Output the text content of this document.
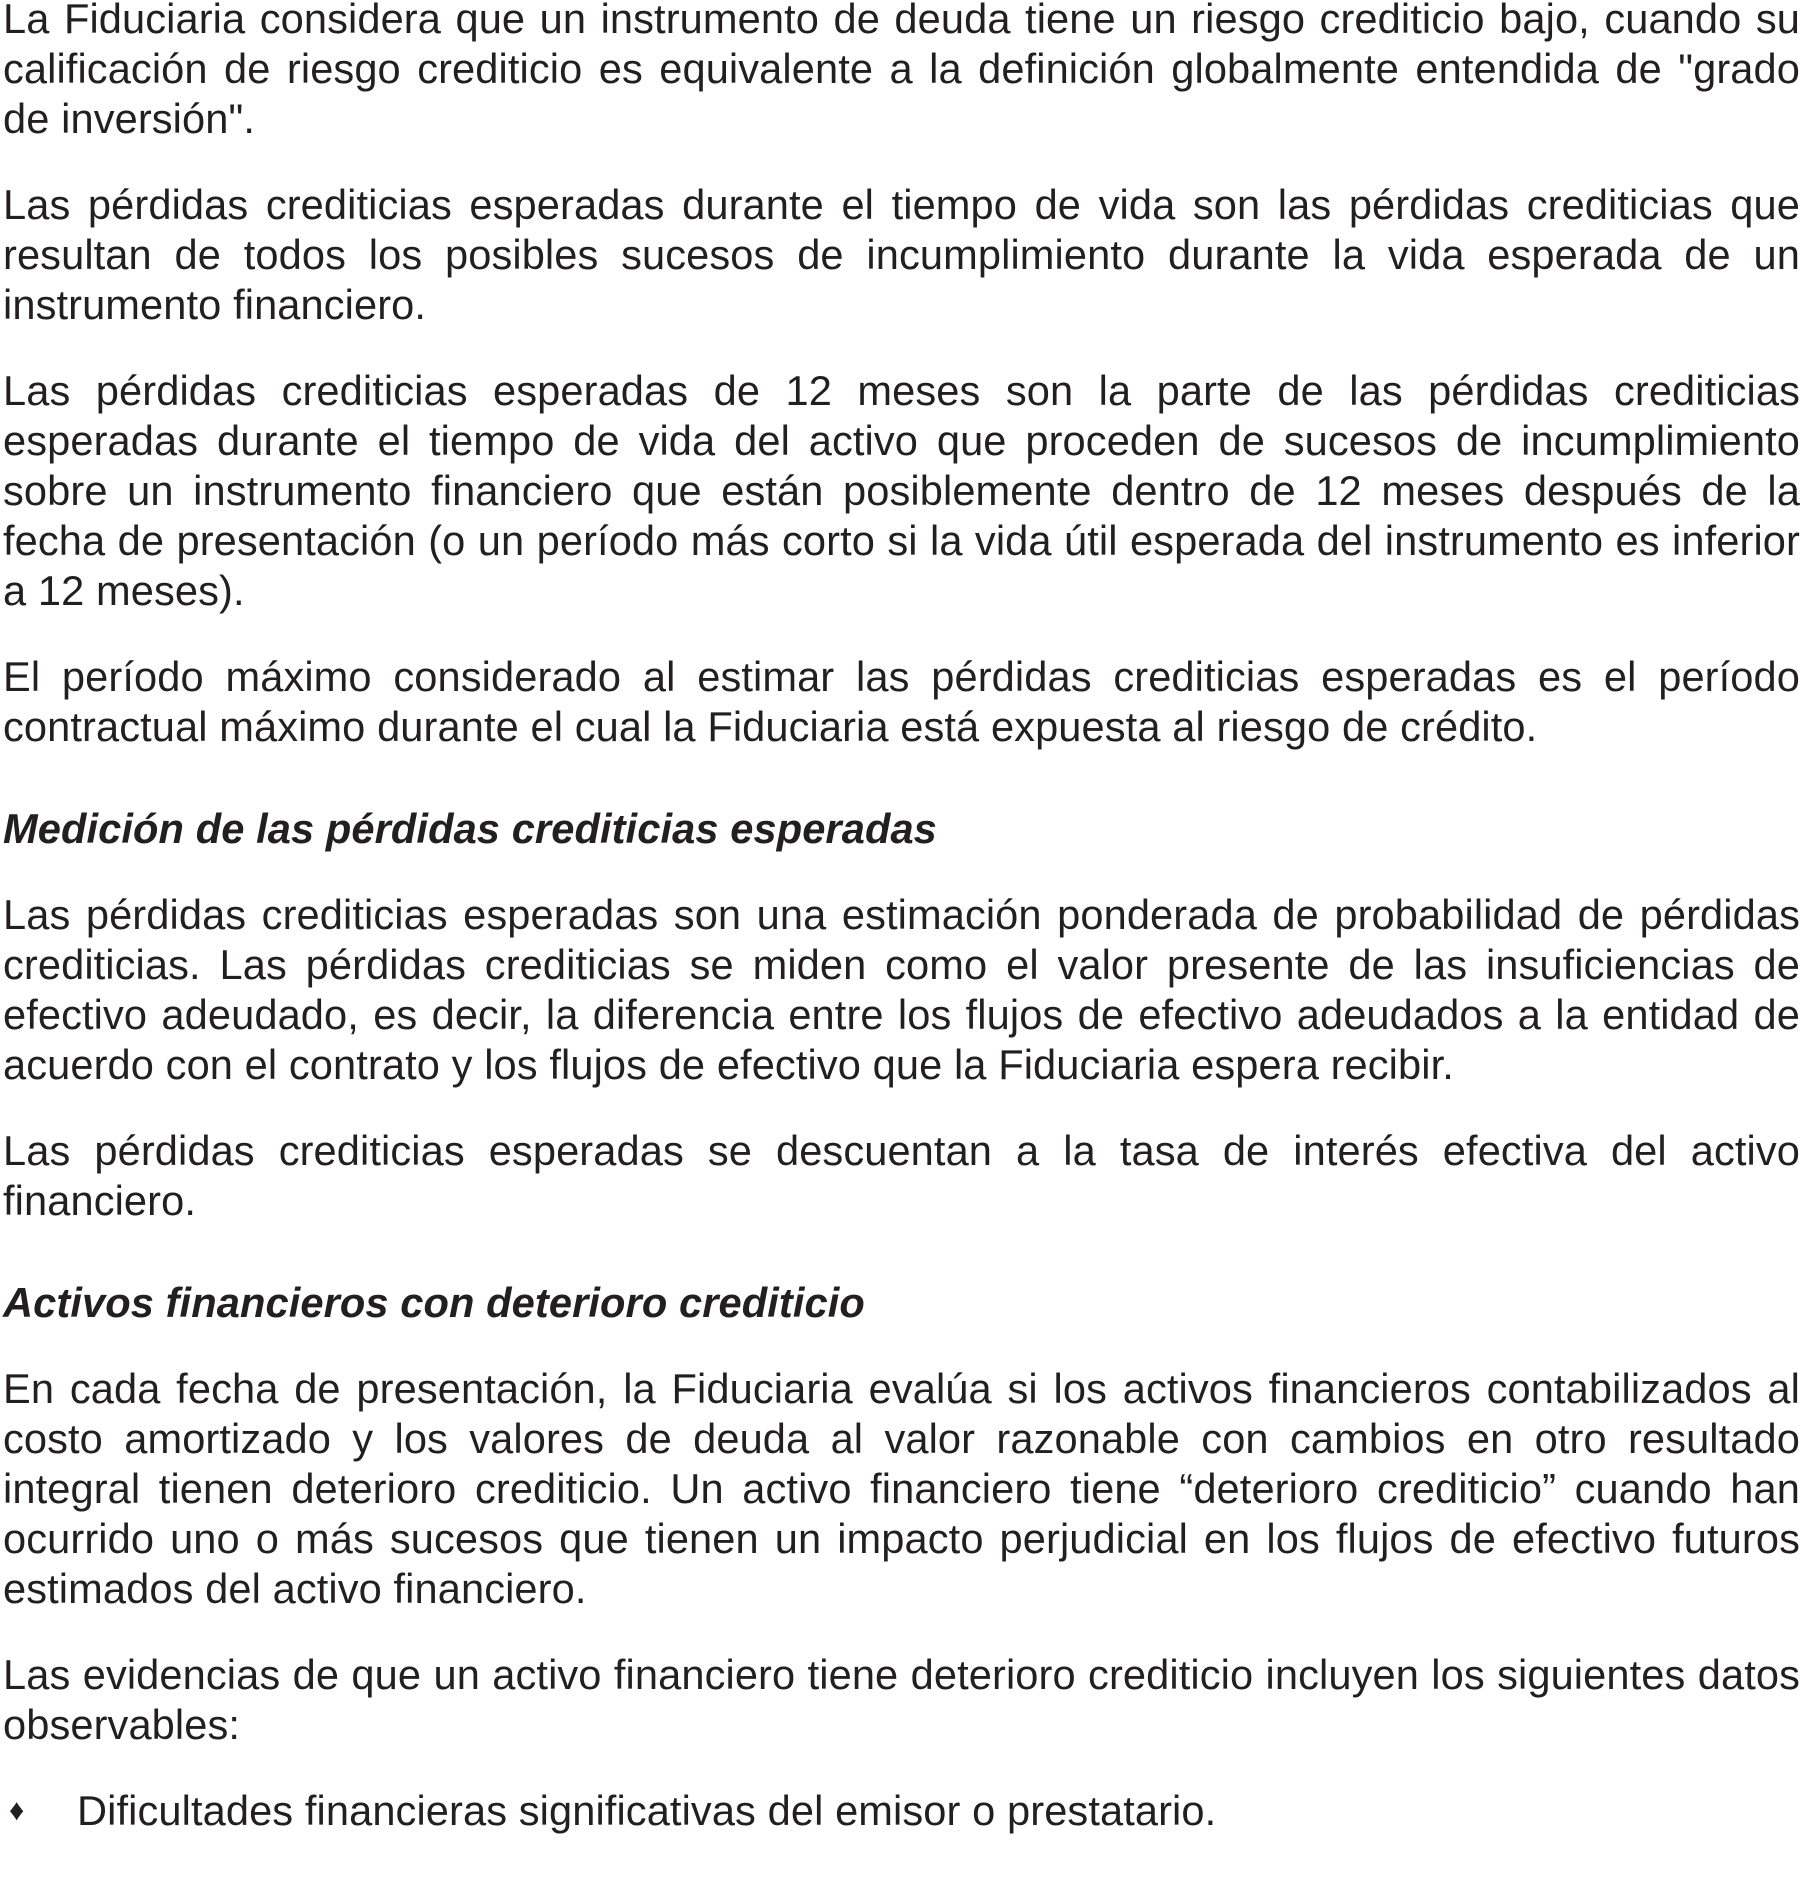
La Fiduciaria considera que un instrumento de deuda tiene un riesgo crediticio bajo, cuando su calificación de riesgo crediticio es equivalente a la definición globalmente entendida de "grado de inversión".

Las pérdidas crediticias esperadas durante el tiempo de vida son las pérdidas crediticias que resultan de todos los posibles sucesos de incumplimiento durante la vida esperada de un instrumento financiero.

Las pérdidas crediticias esperadas de 12 meses son la parte de las pérdidas crediticias esperadas durante el tiempo de vida del activo que proceden de sucesos de incumplimiento sobre un instrumento financiero que están posiblemente dentro de 12 meses después de la fecha de presentación (o un período más corto si la vida útil esperada del instrumento es inferior a 12 meses).

El período máximo considerado al estimar las pérdidas crediticias esperadas es el período contractual máximo durante el cual la Fiduciaria está expuesta al riesgo de crédito.

Medición de las pérdidas crediticias esperadas

Las pérdidas crediticias esperadas son una estimación ponderada de probabilidad de pérdidas crediticias. Las pérdidas crediticias se miden como el valor presente de las insuficiencias de efectivo adeudado, es decir, la diferencia entre los flujos de efectivo adeudados a la entidad de acuerdo con el contrato y los flujos de efectivo que la Fiduciaria espera recibir.

Las pérdidas crediticias esperadas se descuentan a la tasa de interés efectiva del activo financiero.

Activos financieros con deterioro crediticio

En cada fecha de presentación, la Fiduciaria evalúa si los activos financieros contabilizados al costo amortizado y los valores de deuda al valor razonable con cambios en otro resultado integral tienen deterioro crediticio. Un activo financiero tiene “deterioro crediticio” cuando han ocurrido uno o más sucesos que tienen un impacto perjudicial en los flujos de efectivo futuros estimados del activo financiero.

Las evidencias de que un activo financiero tiene deterioro crediticio incluyen los siguientes datos observables:

♦ Dificultades financieras significativas del emisor o prestatario.
